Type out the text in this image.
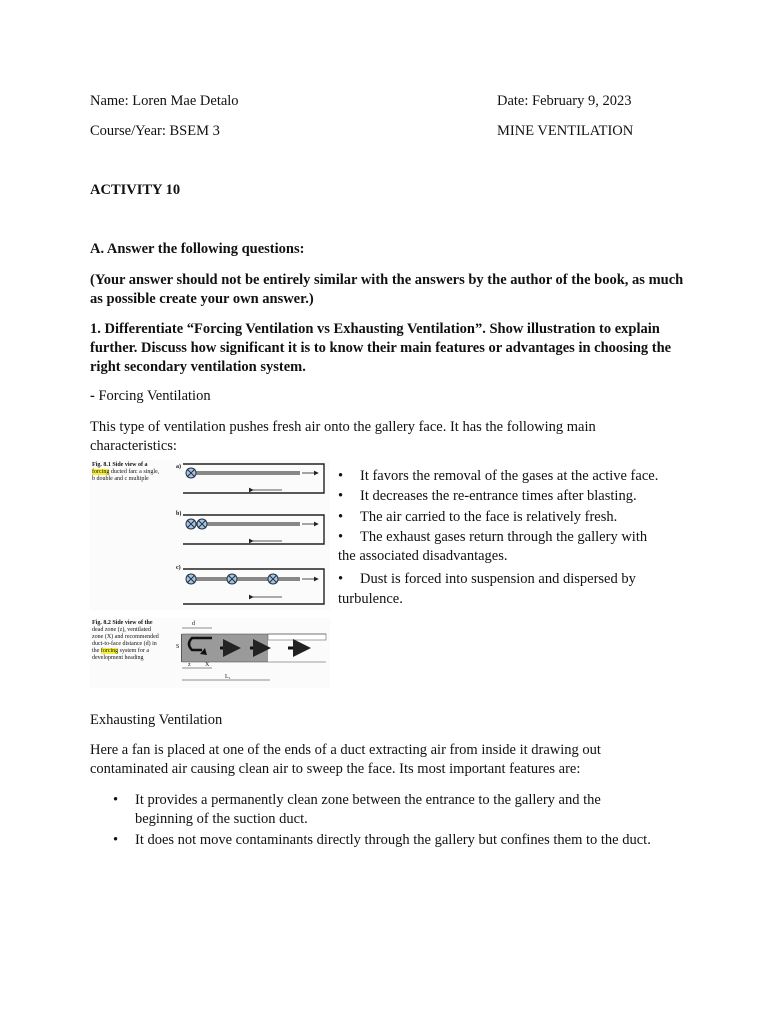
Name: Loren Mae Detalo	Date: February 9, 2023
Course/Year: BSEM 3	MINE VENTILATION
ACTIVITY 10
A. Answer the following questions:
(Your answer should not be entirely similar with the answers by the author of the book, as much as possible create your own answer.)
1. Differentiate “Forcing Ventilation vs Exhausting Ventilation”. Show illustration to explain further. Discuss how significant it is to know their main features or advantages in choosing the right secondary ventilation system.
- Forcing Ventilation
This type of ventilation pushes fresh air onto the gallery face. It has the following main characteristics:
Fig. 8.1 Side view of a
forcing ducted fan: a single,
b double and c multiple
a)
b)
c)
Fig. 8.2 Side view of the
dead zone (z), ventilated
zone (X) and recommended
duct-to-face distance (d) in
the forcing system for a
development heading
d
S
z X
L₁
• It favors the removal of the gases at the active face.
• It decreases the re-entrance times after blasting.
• The air carried to the face is relatively fresh.
• The exhaust gases return through the gallery with
the associated disadvantages.
• Dust is forced into suspension and dispersed by
turbulence.
Exhausting Ventilation
Here a fan is placed at one of the ends of a duct extracting air from inside it drawing out contaminated air causing clean air to sweep the face. Its most important features are:
• It provides a permanently clean zone between the entrance to the gallery and the
beginning of the suction duct.
• It does not move contaminants directly through the gallery but confines them to the duct.
